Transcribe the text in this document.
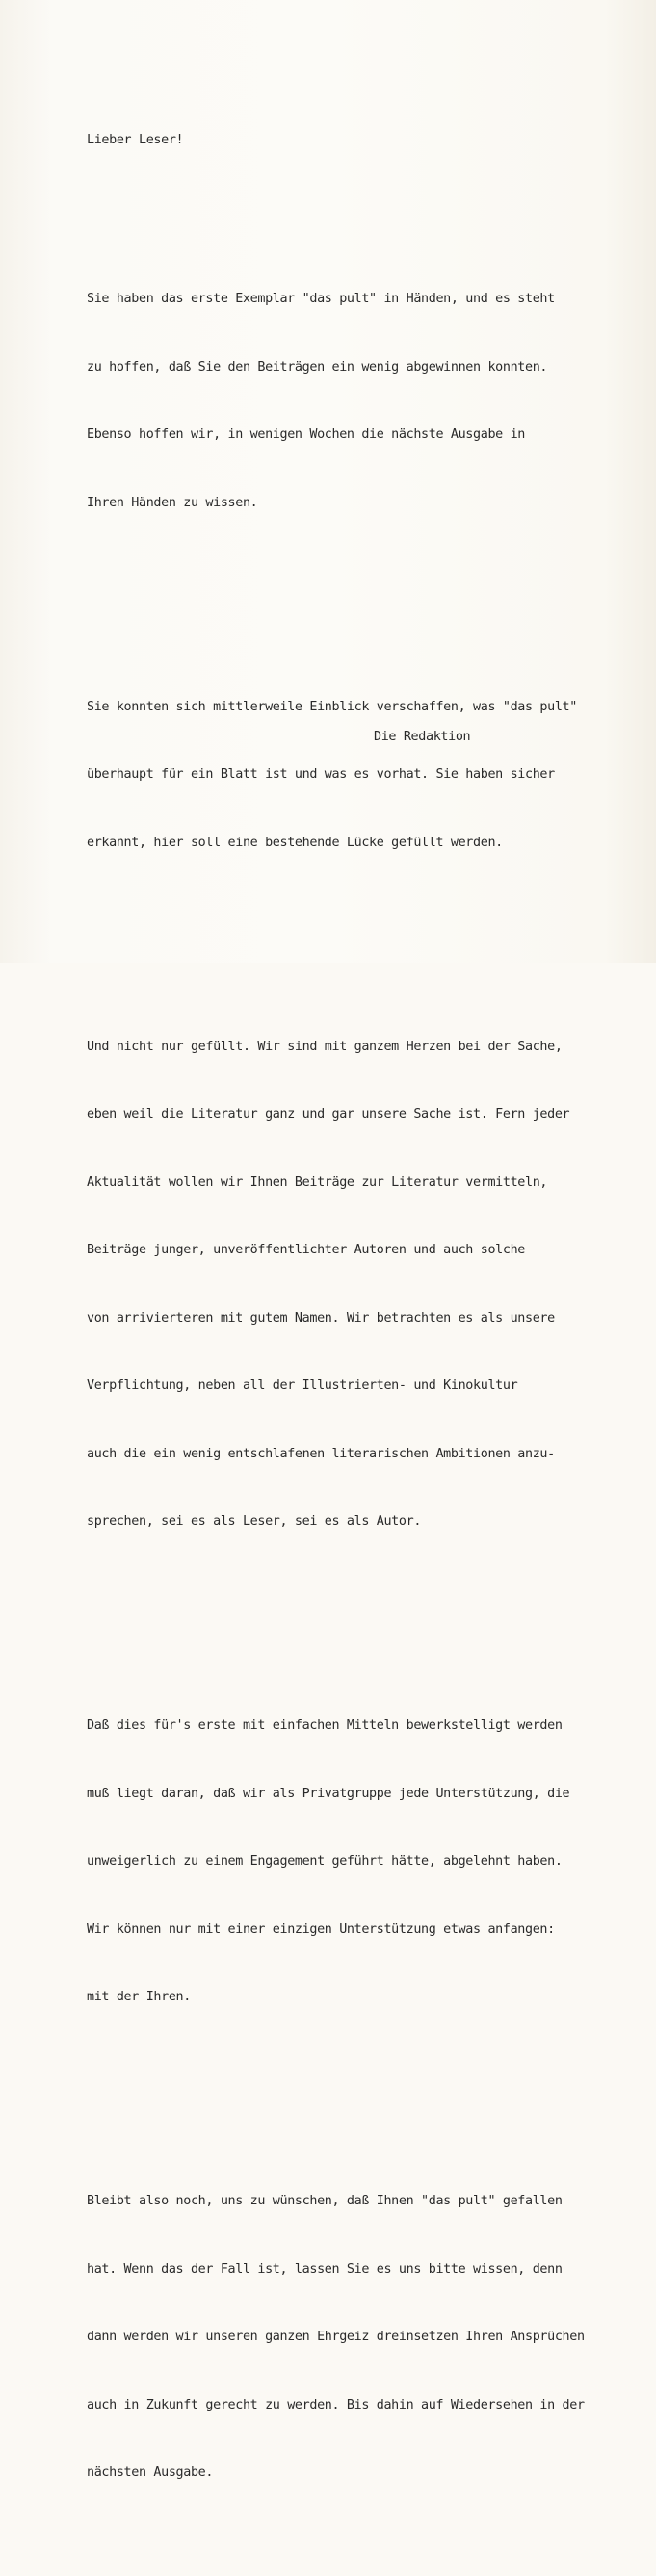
Lieber Leser!

Sie haben das erste Exemplar "das pult" in Händen, und es steht

zu hoffen, daß Sie den Beiträgen ein wenig abgewinnen konnten.

Ebenso hoffen wir, in wenigen Wochen die nächste Ausgabe in

Ihren Händen zu wissen.

Sie konnten sich mittlerweile Einblick verschaffen, was "das pult"

überhaupt für ein Blatt ist und was es vorhat. Sie haben sicher

erkannt, hier soll eine bestehende Lücke gefüllt werden.

Und nicht nur gefüllt. Wir sind mit ganzem Herzen bei der Sache,

eben weil die Literatur ganz und gar unsere Sache ist. Fern jeder

Aktualität wollen wir Ihnen Beiträge zur Literatur vermitteln,

Beiträge junger, unveröffentlichter Autoren und auch solche

von arrivierteren mit gutem Namen. Wir betrachten es als unsere

Verpflichtung, neben all der Illustrierten- und Kinokultur

auch die ein wenig entschlafenen literarischen Ambitionen anzu-

sprechen, sei es als Leser, sei es als Autor.

Daß dies für's erste mit einfachen Mitteln bewerkstelligt werden

muß liegt daran, daß wir als Privatgruppe jede Unterstützung, die

unweigerlich zu einem Engagement geführt hätte, abgelehnt haben.

Wir können nur mit einer einzigen Unterstützung etwas anfangen:

mit der Ihren.

Bleibt also noch, uns zu wünschen, daß Ihnen "das pult" gefallen

hat. Wenn das der Fall ist, lassen Sie es uns bitte wissen, denn

dann werden wir unseren ganzen Ehrgeiz dreinsetzen Ihren Ansprüchen

auch in Zukunft gerecht zu werden. Bis dahin auf Wiedersehen in der

nächsten Ausgabe.

Die Redaktion
